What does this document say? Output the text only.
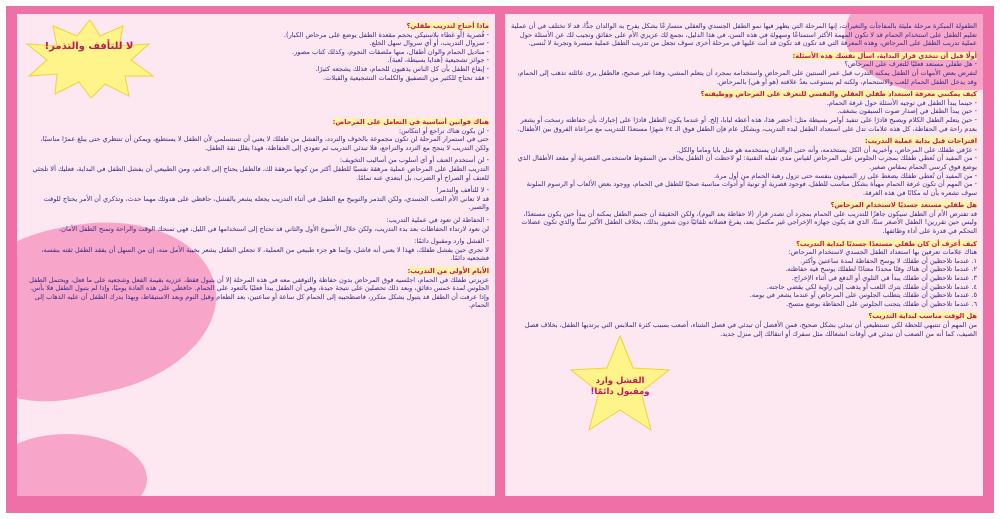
لا للتأفف والتذمر!
ماذا أحتاج لتدريب طفلي؟
- قُصرية (أو غطاء بلاستيكي بحجم مقعدة الطفل يوضع على مرحاض الكبار).
- سروال التدريب، أو أي سروال سهل الخلع.
- مناديل الحمام والوان أطفال، منها ملصقات النجوم، وكذلك كتاب مصور.
- جوائز تشجيعية (هدايا بسيطة، لعبة).
- إيقاع الطفل بأن كل الناس يذهبون للحمام، فذلك يشجعه كثيرًا.
- فقد تحتاج للكثير من التصفيق والكلمات التشجيعية والقبلات.

هناك قوانين أساسية في التعامل على المرحاض:
- لن يكون هناك تراجع أو انتكاس:
حتى في استمرار المرحلة لن تكون مجموعة بالخوف والتردد، والفشل من طفلك لا يعني أن تستسلمي لأن الطفل لا يستطيع، ويمكن أن تنتظري حتى يبلغ عمرًا مناسبًا، ولكن التدريب لا ينجح مع التردد والتراجع، فلا تبدئي التدريب ثم تعودي إلى الحفاظة، فهذا يقلل ثقة الطفل.
- لن أستخدم العنف أو أي أسلوب من أساليب التخويف:
التدريب الطفل على المرحاض عملية مرهقة نفسيًا للطفل أكثر من كونها مرهقة لك، فالطفل يحتاج إلى الدعم، ومن الطبيعي أن يفشل الطفل في البداية، فعليك ألا تلجئي للعنف أو الصراخ أو الضرب، بل ابتعدي عنه تمامًا.
- لا للتأفف والتذمر!
قد لا تعاني الأم التعب الجسدي، ولكن التذمر والتوبيخ مع الطفل في أثناء التدريب يجعله يشعر بالفشل، حافظي على هدوئك مهما حدث، وتذكري أن الأمر يحتاج للوقت والصبر.
- الحفاظة لن تعود في عملية التدريب:
لن نعود لارتداء الحفاظات بعد بدء التدريب، ولكن خلال الأسبوع الأول والثاني قد تحتاج إلى استخدامها في الليل، فهي تمنحك الوقت والراحة وتمنح الطفل الأمان.
- الفشل وارد ومقبول دائمًا:
لا تجري حين يفشل طفلك، فهذا لا يعني أنه فاشل، وإنما هو جزء طبيعي من العملية، لا تجعلي الطفل يشعر بخيبة الأمل منه، إن من السهل أن يفقد الطفل ثقته بنفسه، فشجعيه دائمًا.

الأيام الأولى من التدريب:
عزيزتي طفلك في الحمام، اجلسيه فوق المرحاض بدون حفاظة والتوقفي معه في هذه المرحلة إلا أن يتبول فقط، عززيه بقيمة الفعل وشجعيه على ما فعل، ويحتمل الطفل الجلوس لمدة خمس دقائق، وبعد ذلك تحصلين على نتيجة جيدة، وهي أن الطفل يبدأ فعليًا بالتعود على الحمام. حافظي على هذه العادة يوميًا، وإذا لم يتبول الطفل فلا بأس. وإذا عرفت أن الطفل قد يتبول بشكل متكرر، فاصطحبيه إلى الحمام كل ساعة أو ساعتين، بعد الطعام وقبل النوم وبعد الاستيقاظ، وبهذا يدرك الطفل أن عليه الذهاب إلى الحمام.

الطفولة المبكرة مرحلة مليئة بالمفاجآت والتغيرات، إنها المرحلة التي يظهر فيها نمو الطفل الجسدي والعقلي متسارعًا بشكل يفرح به الوالدان جدًّا، قد لا تختلف في أن عملية تعليم الطفل على استخدام الحمام قد لا تكون المهمة الأكثر استمتاعًا وسهولة في هذه السن، في هذا الدليل، نجمع لك عزيزي الأم على حقائق ونجيب لك عن الأسئلة حول عملية تدريب الطفل على المرحاض، وهذه المعرفة التي قد تكون قد تكون قد أتت عليها في مرحلة أخرى سوف تجعل من تدريب الطفل عملية ميسرة وتجربة لا تُنسى.

أولًا قبل أن تتخذي قرار البداية، اسأل نفسك هذه الأسئلة:
- هل طفلي مستعد فعليًا للتعرف على المرحاض؟
لتفرض بعض الأمهات أن الطفل يمكنه التدرب قبل عمر السنتين على المرحاض واستخدامه بمجرد أن يتعلم المشي، وهذا غير صحيح، فالطفل يرى عائلته تذهب إلى الحمام، وقد يدخل الطفل الحمام للعب والاستحمام، ولكنه لم يستوعب بعدُ علاقته (هو أو هي) بالمرحاض.

كيف يمكنني معرفة استعداد طفلي العقلي والنفسي للتعرف على المرحاض ووظيفته؟
- حينما يبدأ الطفل في توجيه الأسئلة حول غرفة الحمام.
- حين يبدأ الطفل في إصدار صوت السيفون بشغف.
- حين يتعلم الطفل الكلام ويصبح قادرًا على تنفيذ أوامر بسيطة مثل: أحضر هذا، هذه أعطه لبابا، إلخ. أو عندما يكون الطفل قادرًا على إخبارك بأن حفاظته رسخت أو يشعر بعدم راحة في الحفاظة، كل هذه علامات تدل على استعداد الطفل لبدء التدريب، وبشكل عام فإن الطفل فوق الـ ٢٤ شهرًا مستعدًا للتدريب مع مراعاة الفروق بين الأطفال.

اقتراحات قبل بداية عملية التدريب:
- عرّفي طفلك على المرحاض، وأخبريه أن الكل يستخدمه، وأنه حتى الوالدان يستخدمه هو مثل بابا وماما والكل.
- من المفيد أن تُعطي طفلك بمجرب الجلوس على المرحاض لقياس مدى تقبله التقنية: لو لاحظت أن الطفل يخاف من السقوط فاستخدمي القصرية أو مقعد الأطفال الذي يوضع فوق كرسي الحمام بمقاس صغير.
- من المفيد أن تُعطي طفلك يضغط على زر السيفون بنفسه حتى تزول رهبة الحمام من أول مرة.
- من المهم أن تكون غرفة الحمام مهيأة بشكل مناسب للطفل، فوجود قصرية أو تونية أو أدوات مناسبة صحيًا للطفل في الحمام، ووجود بعض الألعاب أو الرسوم الملونة سوف تشعره بأن له مكانًا في هذه الغرفة.

هل طفلي مستعد جسديًا لاستخدام المرحاض؟
قد تفترض الأم أن الطفل سيكون جاهزًا للتدريب على الحمام بمجرد أن تصدر قرار (لا حفاظة بعد اليوم)، ولكن الحقيقة أن جسم الطفل يمكنه أن يبدأ حين يكون مستعدًا، وليس حين تقررين! الطفل الأصغر سنًا، الذي قد يكون جهازه الإخراجي غير مكتمل بعد، يفرغ فضلاته تلقائيًا دون شعور بذلك، بخلاف الطفل الأكبر سنًّا والذي تكون عضلات التحكم في قدرة على أداء وظائفها.

كيف أعرف أن كان طفلي مستعدًا جسديًا لبداية التدريب؟
هناك علامات تعرفين بها استعداد الطفل الجسدي لاستخدام المرحاض:
١. عندما تلاحظين أن طفلك لا يوسخ الحفاظة لمدة ساعتين وأكثر.
٢. عندما تلاحظين أن هناك وقتًا محددًا معتادًا لطفلك يوسخ فيه حفاظته.
٣. عندما تلاحظين أن طفلك يبدأ في التلوي أو الدفع في أثناء الإخراج.
٤. عندما تلاحظين أن طفلك يترك اللعب أو يذهب إلى زاوية لكي يقضي حاجته.
٥. عندما تلاحظين أن طفلك يتطلب الجلوس على المرحاض أو عندما يشعر في يومه.
٦. عندما تلاحظين أن طفلك يتجنب الجلوس على الحفاظة بوضع متسخ.

هل الوقت مناسب لبداية التدريب؟
من المهم أن تنتبهي للحظة لكي تستطيعي أن تبدئي بشكل صحيح، فمن الأفضل أن تبدئي في فصل الشتاء، أصعب بسبب كثرة الملابس التي يرتديها الطفل، بخلاف فصل الصيف، كما أنه من الصعب أن تبدئي في أوقات انشغالك مثل سفرك أو انتقالك إلى منزل جديد.

القشل وارد ومقبول دائمًا!
